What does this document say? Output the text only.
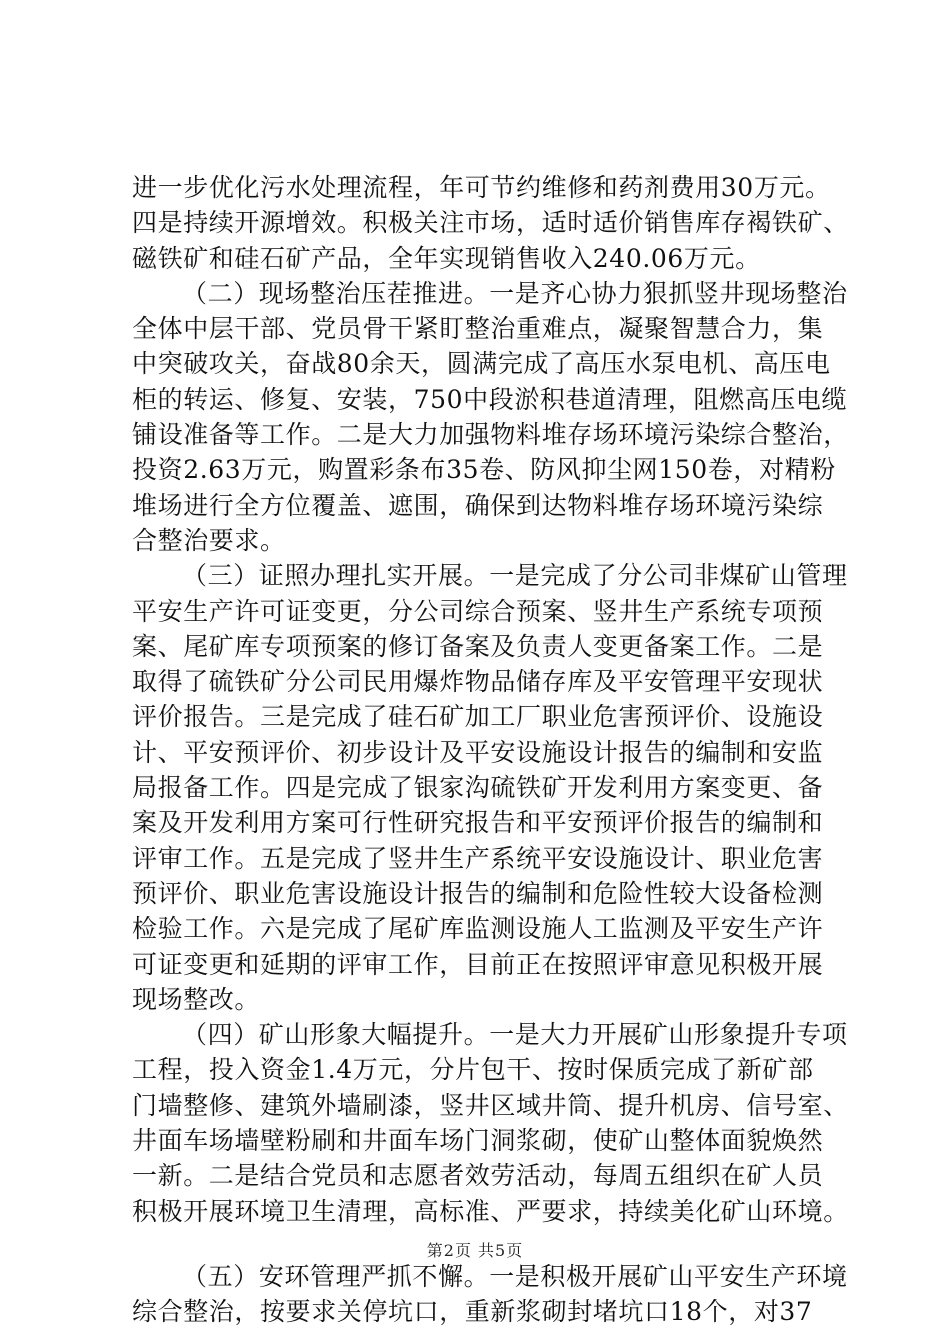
进一步优化污水处理流程，年可节约维修和药剂费用30万元。
四是持续开源增效。积极关注市场，适时适价销售库存褐铁矿、
磁铁矿和硅石矿产品，全年实现销售收入240.06万元。
（二）现场整治压茬推进。一是齐心协力狠抓竖井现场整治
全体中层干部、党员骨干紧盯整治重难点，凝聚智慧合力，集
中突破攻关，奋战80余天，圆满完成了高压水泵电机、高压电
柜的转运、修复、安装，750中段淤积巷道清理，阻燃高压电缆
铺设准备等工作。二是大力加强物料堆存场环境污染综合整治，
投资2.63万元，购置彩条布35卷、防风抑尘网150卷，对精粉
堆场进行全方位覆盖、遮围，确保到达物料堆存场环境污染综
合整治要求。
（三）证照办理扎实开展。一是完成了分公司非煤矿山管理
平安生产许可证变更，分公司综合预案、竖井生产系统专项预
案、尾矿库专项预案的修订备案及负责人变更备案工作。二是
取得了硫铁矿分公司民用爆炸物品储存库及平安管理平安现状
评价报告。三是完成了硅石矿加工厂职业危害预评价、设施设
计、平安预评价、初步设计及平安设施设计报告的编制和安监
局报备工作。四是完成了银家沟硫铁矿开发利用方案变更、备
案及开发利用方案可行性研究报告和平安预评价报告的编制和
评审工作。五是完成了竖井生产系统平安设施设计、职业危害
预评价、职业危害设施设计报告的编制和危险性较大设备检测
检验工作。六是完成了尾矿库监测设施人工监测及平安生产许
可证变更和延期的评审工作，目前正在按照评审意见积极开展
现场整改。
（四）矿山形象大幅提升。一是大力开展矿山形象提升专项
工程，投入资金1.4万元，分片包干、按时保质完成了新矿部
门墙整修、建筑外墙刷漆，竖井区域井筒、提升机房、信号室、
井面车场墙壁粉刷和井面车场门洞浆砌，使矿山整体面貌焕然
一新。二是结合党员和志愿者效劳活动，每周五组织在矿人员
积极开展环境卫生清理，高标准、严要求，持续美化矿山环境。
（五）安环管理严抓不懈。一是积极开展矿山平安生产环境
综合整治，按要求关停坑口，重新浆砌封堵坑口18个，对37
第2页 共5页
